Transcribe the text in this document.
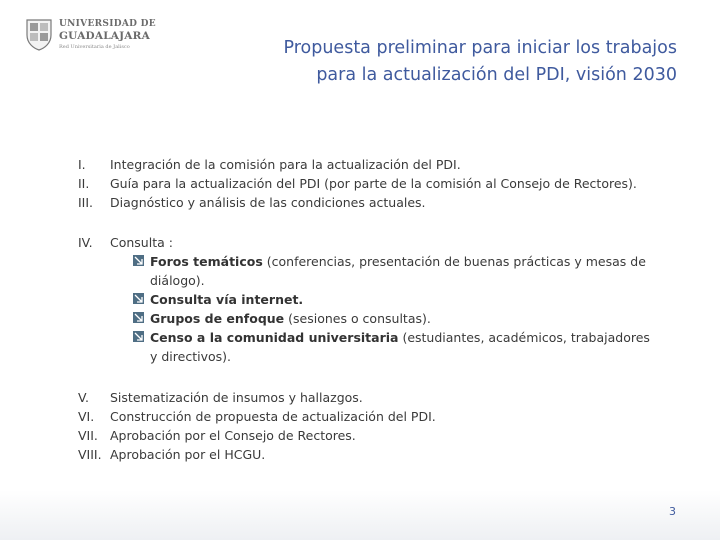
UNIVERSIDAD DE
GUADALAJARA
Red Universitaria de Jalisco	Propuesta preliminar para iniciar los trabajos
para la actualización del PDI, visión 2030
I.	Integración de la comisión para la actualización del PDI.
II.	Guía para la actualización del PDI (por parte de la comisión al Consejo de Rectores).
III.	Diagnóstico y análisis de las condiciones actuales.
IV.	Consulta :
Foros temáticos (conferencias, presentación de buenas prácticas y mesas de diálogo).
Consulta vía internet.
Grupos de enfoque (sesiones o consultas).
Censo a la comunidad universitaria (estudiantes, académicos, trabajadores y directivos).
V.	Sistematización de insumos y hallazgos.
VI.	Construcción de propuesta de actualización del PDI.
VII. Aprobación por el Consejo de Rectores.
VIII. Aprobación por el HCGU.
3
